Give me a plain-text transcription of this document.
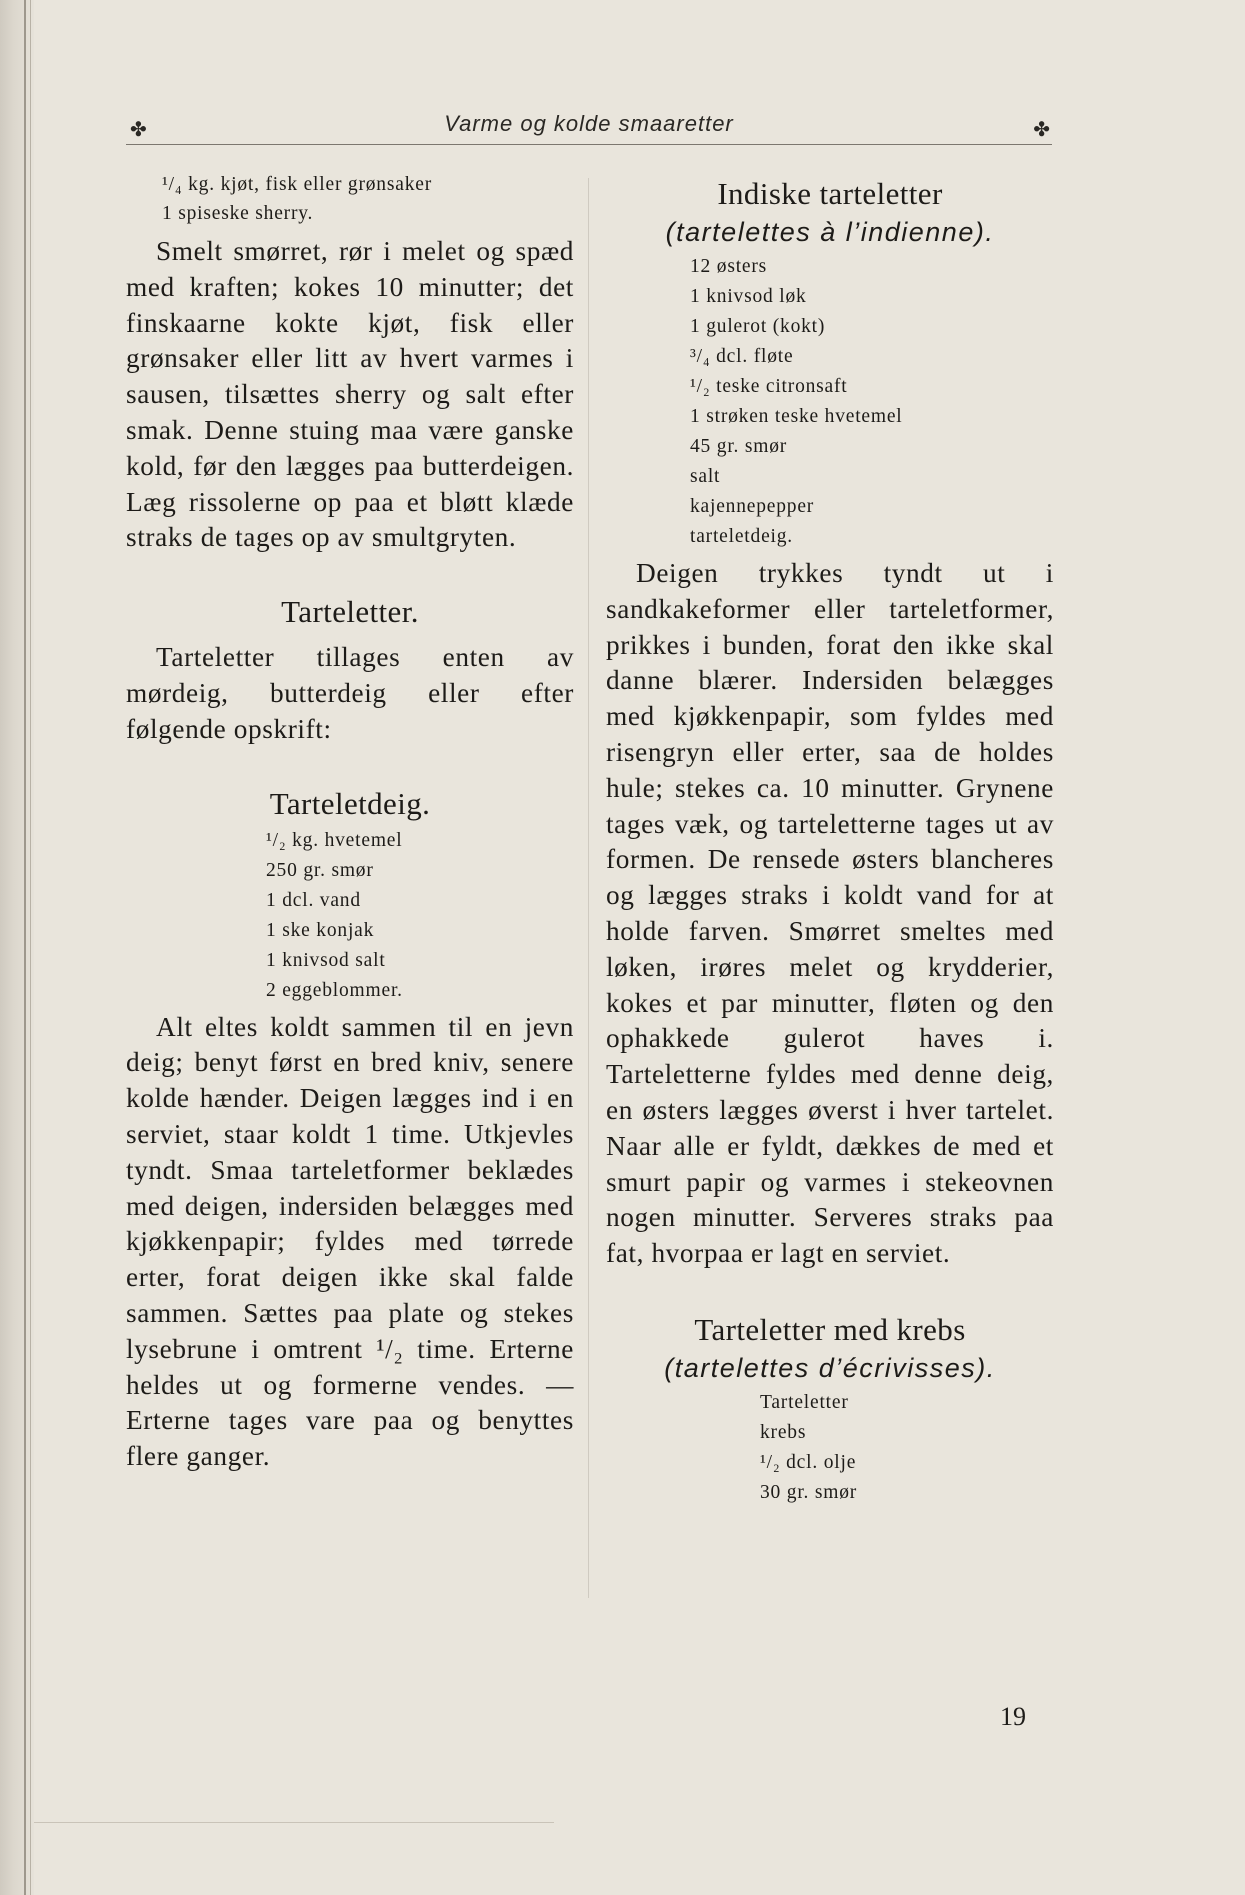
✤	Varme og kolde smaaretter	✤
¹/₄ kg. kjøt, fisk eller grønsaker
1 spiseske sherry.

Smelt smørret, rør i melet og spæd med kraften; kokes 10 minutter; det finskaarne kokte kjøt, fisk eller grønsaker eller litt av hvert varmes i sausen, tilsættes sherry og salt efter smak. Denne stuing maa være ganske kold, før den lægges paa butterdeigen. Læg rissolerne op paa et bløtt klæde straks de tages op av smultgryten.

Tarteletter.

Tarteletter tillages enten av mørdeig, butterdeig eller efter følgende opskrift:

Tarteletdeig.
¹/₂ kg. hvetemel
250 gr. smør
1 dcl. vand
1 ske konjak
1 knivsod salt
2 eggeblommer.

Alt eltes koldt sammen til en jevn deig; benyt først en bred kniv, senere kolde hænder. Deigen lægges ind i en serviet, staar koldt 1 time. Utkjevles tyndt. Smaa tarteletformer beklædes med deigen, indersiden belægges med kjøkkenpapir; fyldes med tørrede erter, forat deigen ikke skal falde sammen. Sættes paa plate og stekes lysebrune i omtrent ¹/₂ time. Erterne heldes ut og formerne vendes. — Erterne tages vare paa og benyttes flere ganger.

Indiske tarteletter

(tartelettes à l’indienne).

12 østers
1 knivsod løk
1 gulerot (kokt)
³/₄ dcl. fløte
¹/₂ teske citronsaft
1 strøken teske hvetemel
45 gr. smør
salt
kajennepepper
tarteletdeig.

Deigen trykkes tyndt ut i sandkakeformer eller tarteletformer, prikkes i bunden, forat den ikke skal danne blærer. Indersiden belægges med kjøkkenpapir, som fyldes med risengryn eller erter, saa de holdes hule; stekes ca. 10 minutter. Grynene tages væk, og tarteletterne tages ut av formen. De rensede østers blancheres og lægges straks i koldt vand for at holde farven. Smørret smeltes med løken, irøres melet og krydderier, kokes et par minutter, fløten og den ophakkede gulerot haves i. Tarteletterne fyldes med denne deig, en østers lægges øverst i hver tartelet. Naar alle er fyldt, dækkes de med et smurt papir og varmes i stekeovnen nogen minutter. Serveres straks paa fat, hvorpaa er lagt en serviet.

Tarteletter med krebs

(tartelettes d’écrivisses).

Tarteletter
krebs
¹/₂ dcl. olje
30 gr. smør
19
